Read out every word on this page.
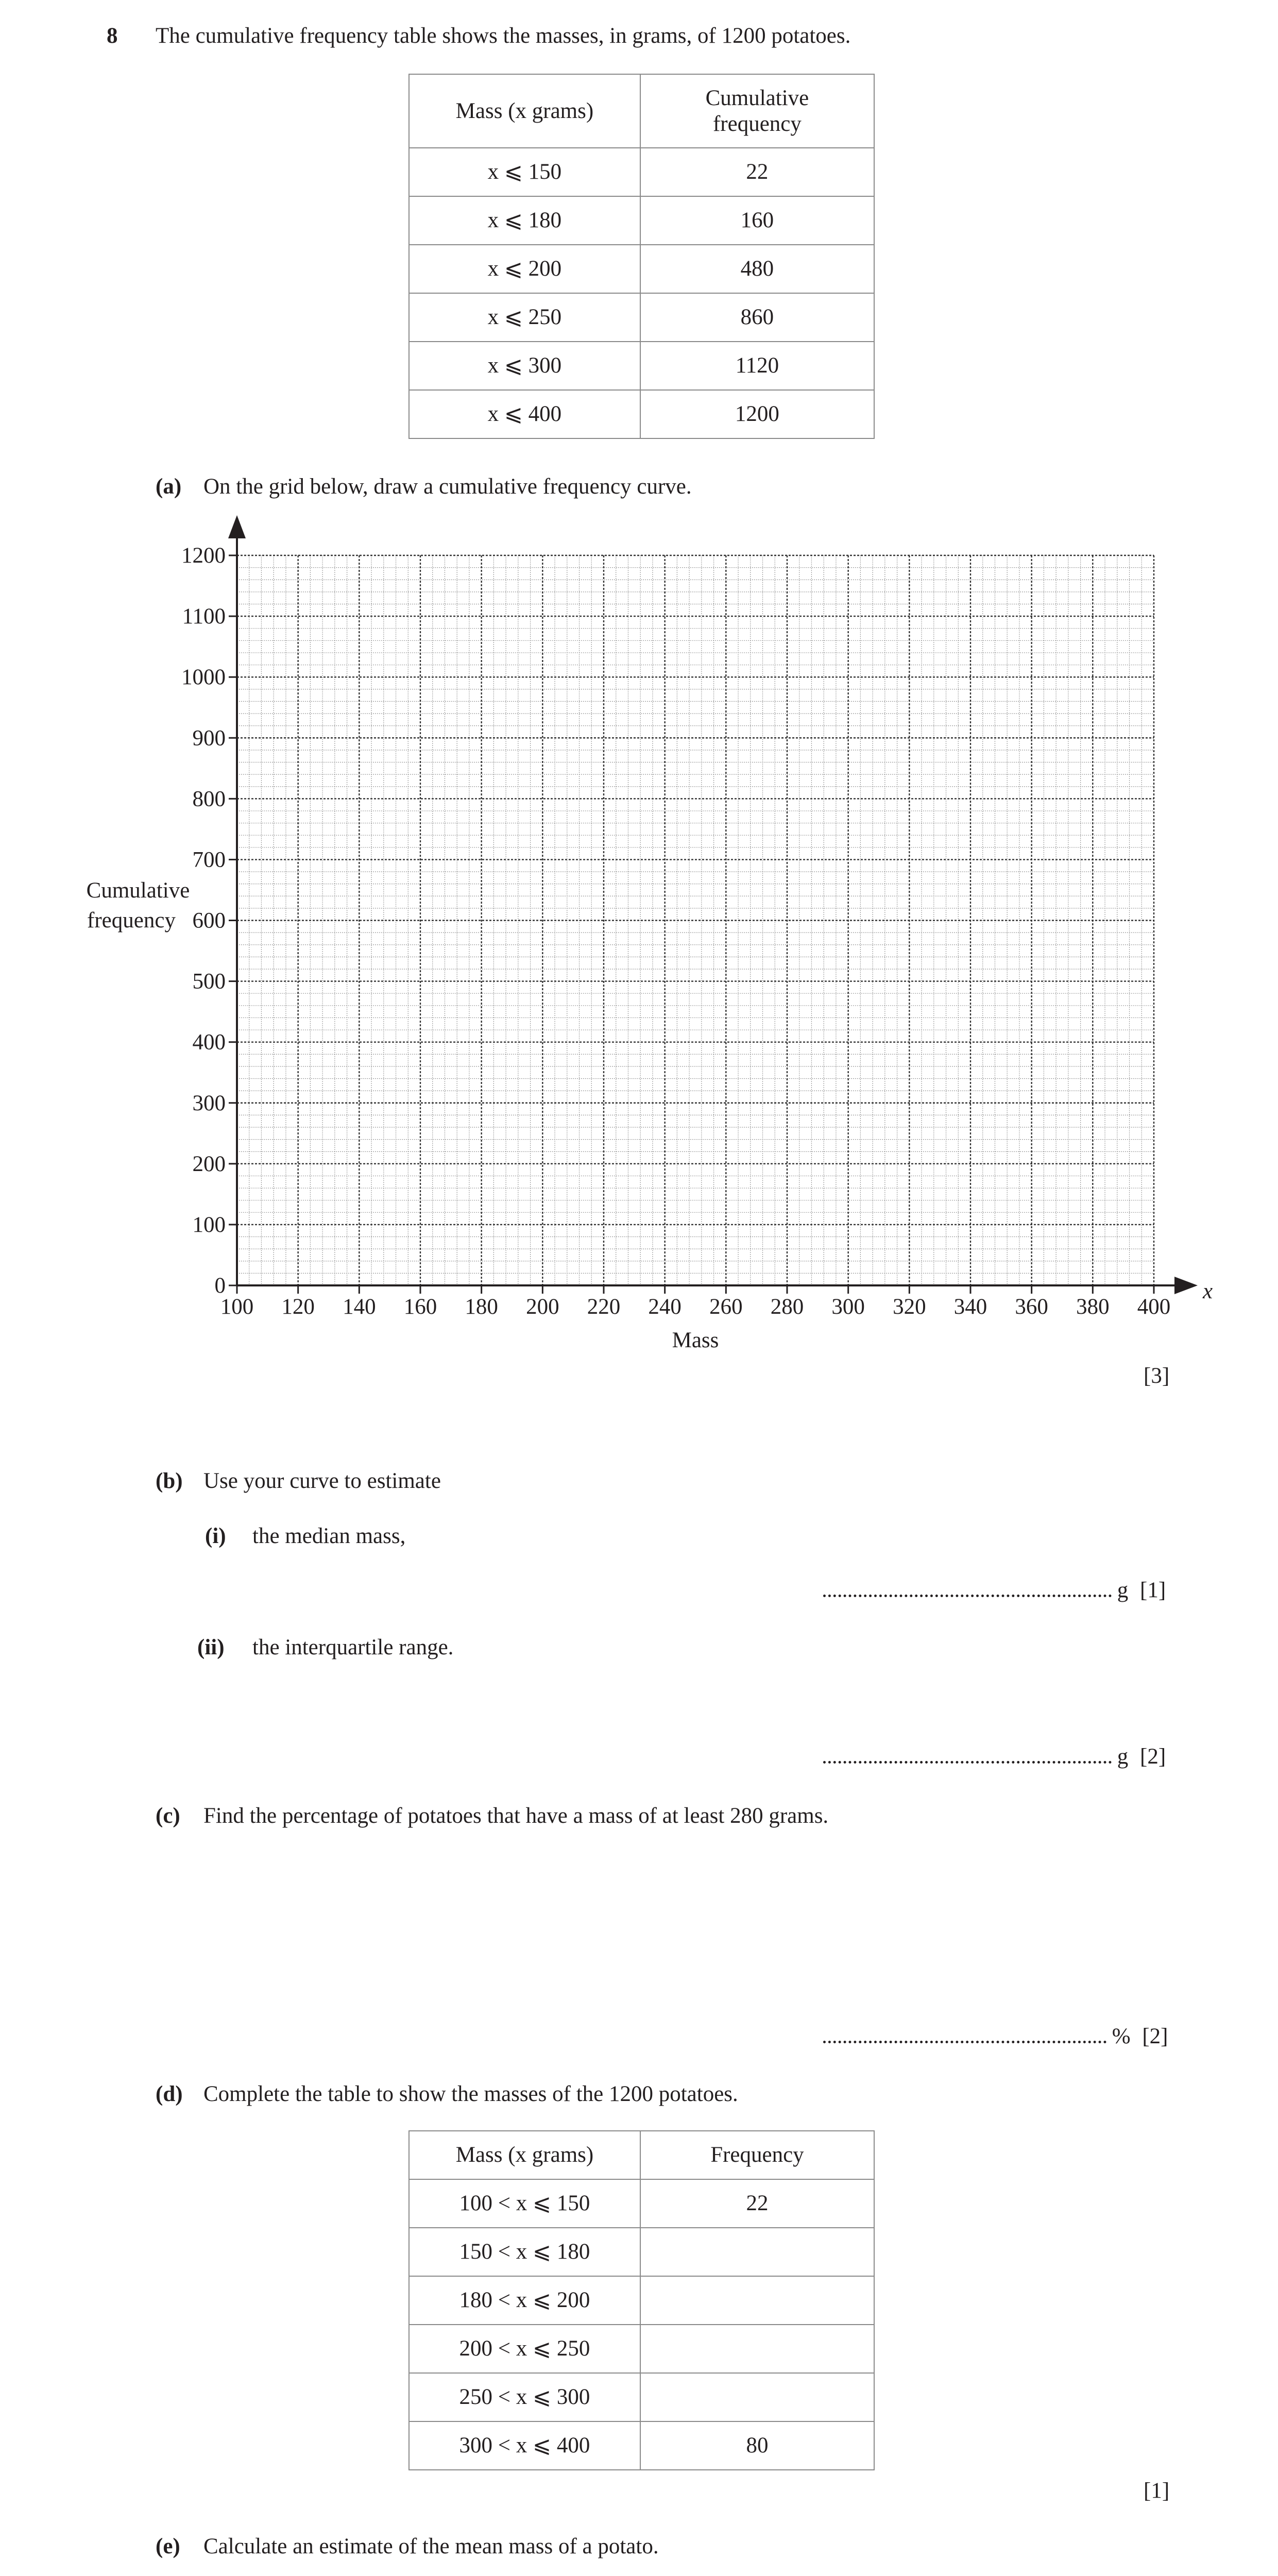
8 The cumulative frequency table shows the masses, in grams, of 1200 potatoes.
Mass (x grams)	Cumulative
frequency
x ⩽ 150	22
x ⩽ 180	160
x ⩽ 200	480
x ⩽ 250	860
x ⩽ 300	1120
x ⩽ 400	1200
(a) On the grid below, draw a cumulative frequency curve.
100 120 140 160 180 200 220 240 260 280 300 320 340 360 380 400
0
100
200
300
400
500
600
700
800
900
1000
1100
1200
Mass
x
Cumulative
frequency
[3]
(b) Use your curve to estimate
(i) the median mass,
g [1]
(ii) the interquartile range.
g [2]
(c) Find the percentage of potatoes that have a mass of at least 280 grams.
% [2]
(d) Complete the table to show the masses of the 1200 potatoes.
Mass (x grams)	Frequency
100 < x ⩽ 150	22
150 < x ⩽ 180	
180 < x ⩽ 200	
200 < x ⩽ 250	
250 < x ⩽ 300	
300 < x ⩽ 400	80
[1]
(e) Calculate an estimate of the mean mass of a potato.
